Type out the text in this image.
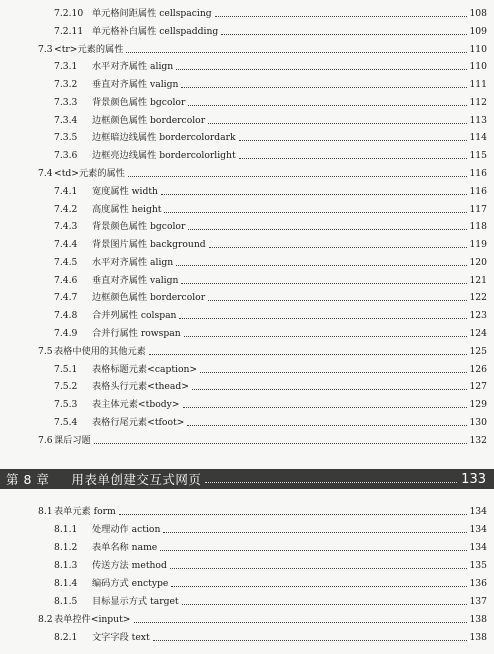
7.2.10 单元格间距属性 cellspacing	108
7.2.11 单元格补白属性 cellspadding	109
7.3 <tr>元素的属性	110
7.3.1	水平对齐属性 align	110
7.3.2	垂直对齐属性 valign	111
7.3.3	背景颜色属性 bgcolor	112
7.3.4	边框颜色属性 bordercolor	113
7.3.5	边框暗边线属性 bordercolordark	114
7.3.6	边框亮边线属性 bordercolorlight	115
7.4 <td>元素的属性	116
7.4.1	宽度属性 width	116
7.4.2	高度属性 height	117
7.4.3	背景颜色属性 bgcolor	118
7.4.4	背景图片属性 background	119
7.4.5	水平对齐属性 align	120
7.4.6	垂直对齐属性 valign	121
7.4.7	边框颜色属性 bordercolor	122
7.4.8	合并列属性 colspan	123
7.4.9	合并行属性 rowspan	124
7.5 表格中使用的其他元素	125
7.5.1	表格标题元素<caption>	126
7.5.2	表格头行元素<thead>	127
7.5.3	表主体元素<tbody>	129
7.5.4	表格行尾元素<tfoot>	130
7.6 课后习题	132
8.1 表单元素 form	134
8.1.1	处理动作 action	134
8.1.2	表单名称 name	134
8.1.3	传送方法 method	135
8.1.4	编码方式 enctype	136
8.1.5	目标显示方式 target	137
8.2 表单控件<input>	138
8.2.1	文字字段 text	138
第 8 章 用表单创建交互式网页	133
